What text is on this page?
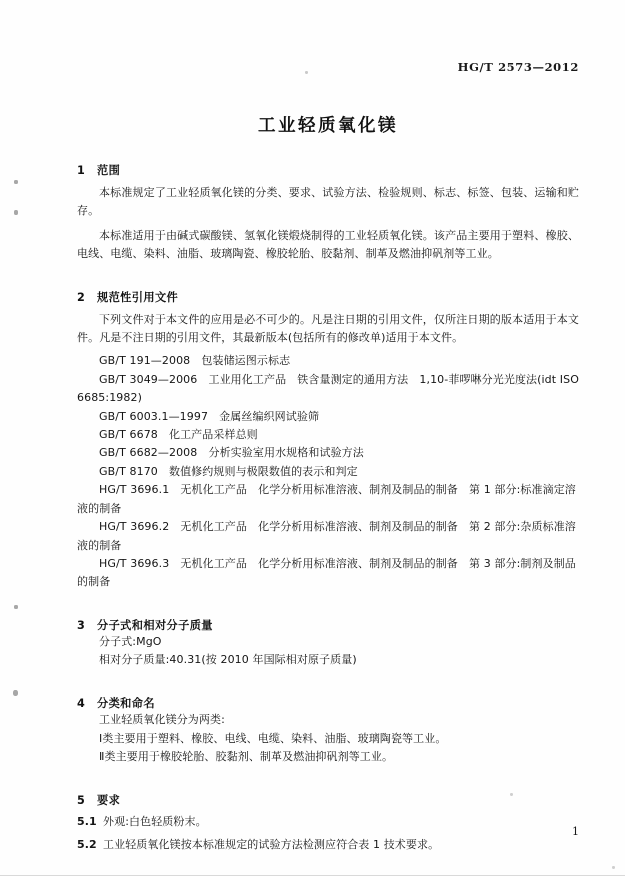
HG/T 2573—2012
工业轻质氧化镁
1 范围

本标准规定了工业轻质氧化镁的分类、要求、试验方法、检验规则、标志、标签、包装、运输和贮存。

本标准适用于由碱式碳酸镁、氢氧化镁煅烧制得的工业轻质氧化镁。该产品主要用于塑料、橡胶、电线、电缆、染料、油脂、玻璃陶瓷、橡胶轮胎、胶黏剂、制革及燃油抑矾剂等工业。

2 规范性引用文件

下列文件对于本文件的应用是必不可少的。凡是注日期的引用文件，仅所注日期的版本适用于本文件。凡是不注日期的引用文件，其最新版本(包括所有的修改单)适用于本文件。

GB/T 191—2008　包装储运图示标志

GB/T 3049—2006　工业用化工产品　铁含量测定的通用方法　1,10-菲啰啉分光光度法(idt ISO 6685:1982)

GB/T 6003.1—1997　金属丝编织网试验筛

GB/T 6678　化工产品采样总则

GB/T 6682—2008　分析实验室用水规格和试验方法

GB/T 8170　数值修约规则与极限数值的表示和判定

HG/T 3696.1　无机化工产品　化学分析用标准溶液、制剂及制品的制备　第 1 部分:标准滴定溶液的制备

HG/T 3696.2　无机化工产品　化学分析用标准溶液、制剂及制品的制备　第 2 部分:杂质标准溶液的制备

HG/T 3696.3　无机化工产品　化学分析用标准溶液、制剂及制品的制备　第 3 部分:制剂及制品的制备

3 分子式和相对分子质量

分子式:MgO

相对分子质量:40.31(按 2010 年国际相对原子质量)

4 分类和命名

工业轻质氧化镁分为两类:

Ⅰ类主要用于塑料、橡胶、电线、电缆、染料、油脂、玻璃陶瓷等工业。

Ⅱ类主要用于橡胶轮胎、胶黏剂、制革及燃油抑矾剂等工业。

5 要求

5.1 外观:白色轻质粉末。

5.2 工业轻质氧化镁按本标准规定的试验方法检测应符合表 1 技术要求。

1
